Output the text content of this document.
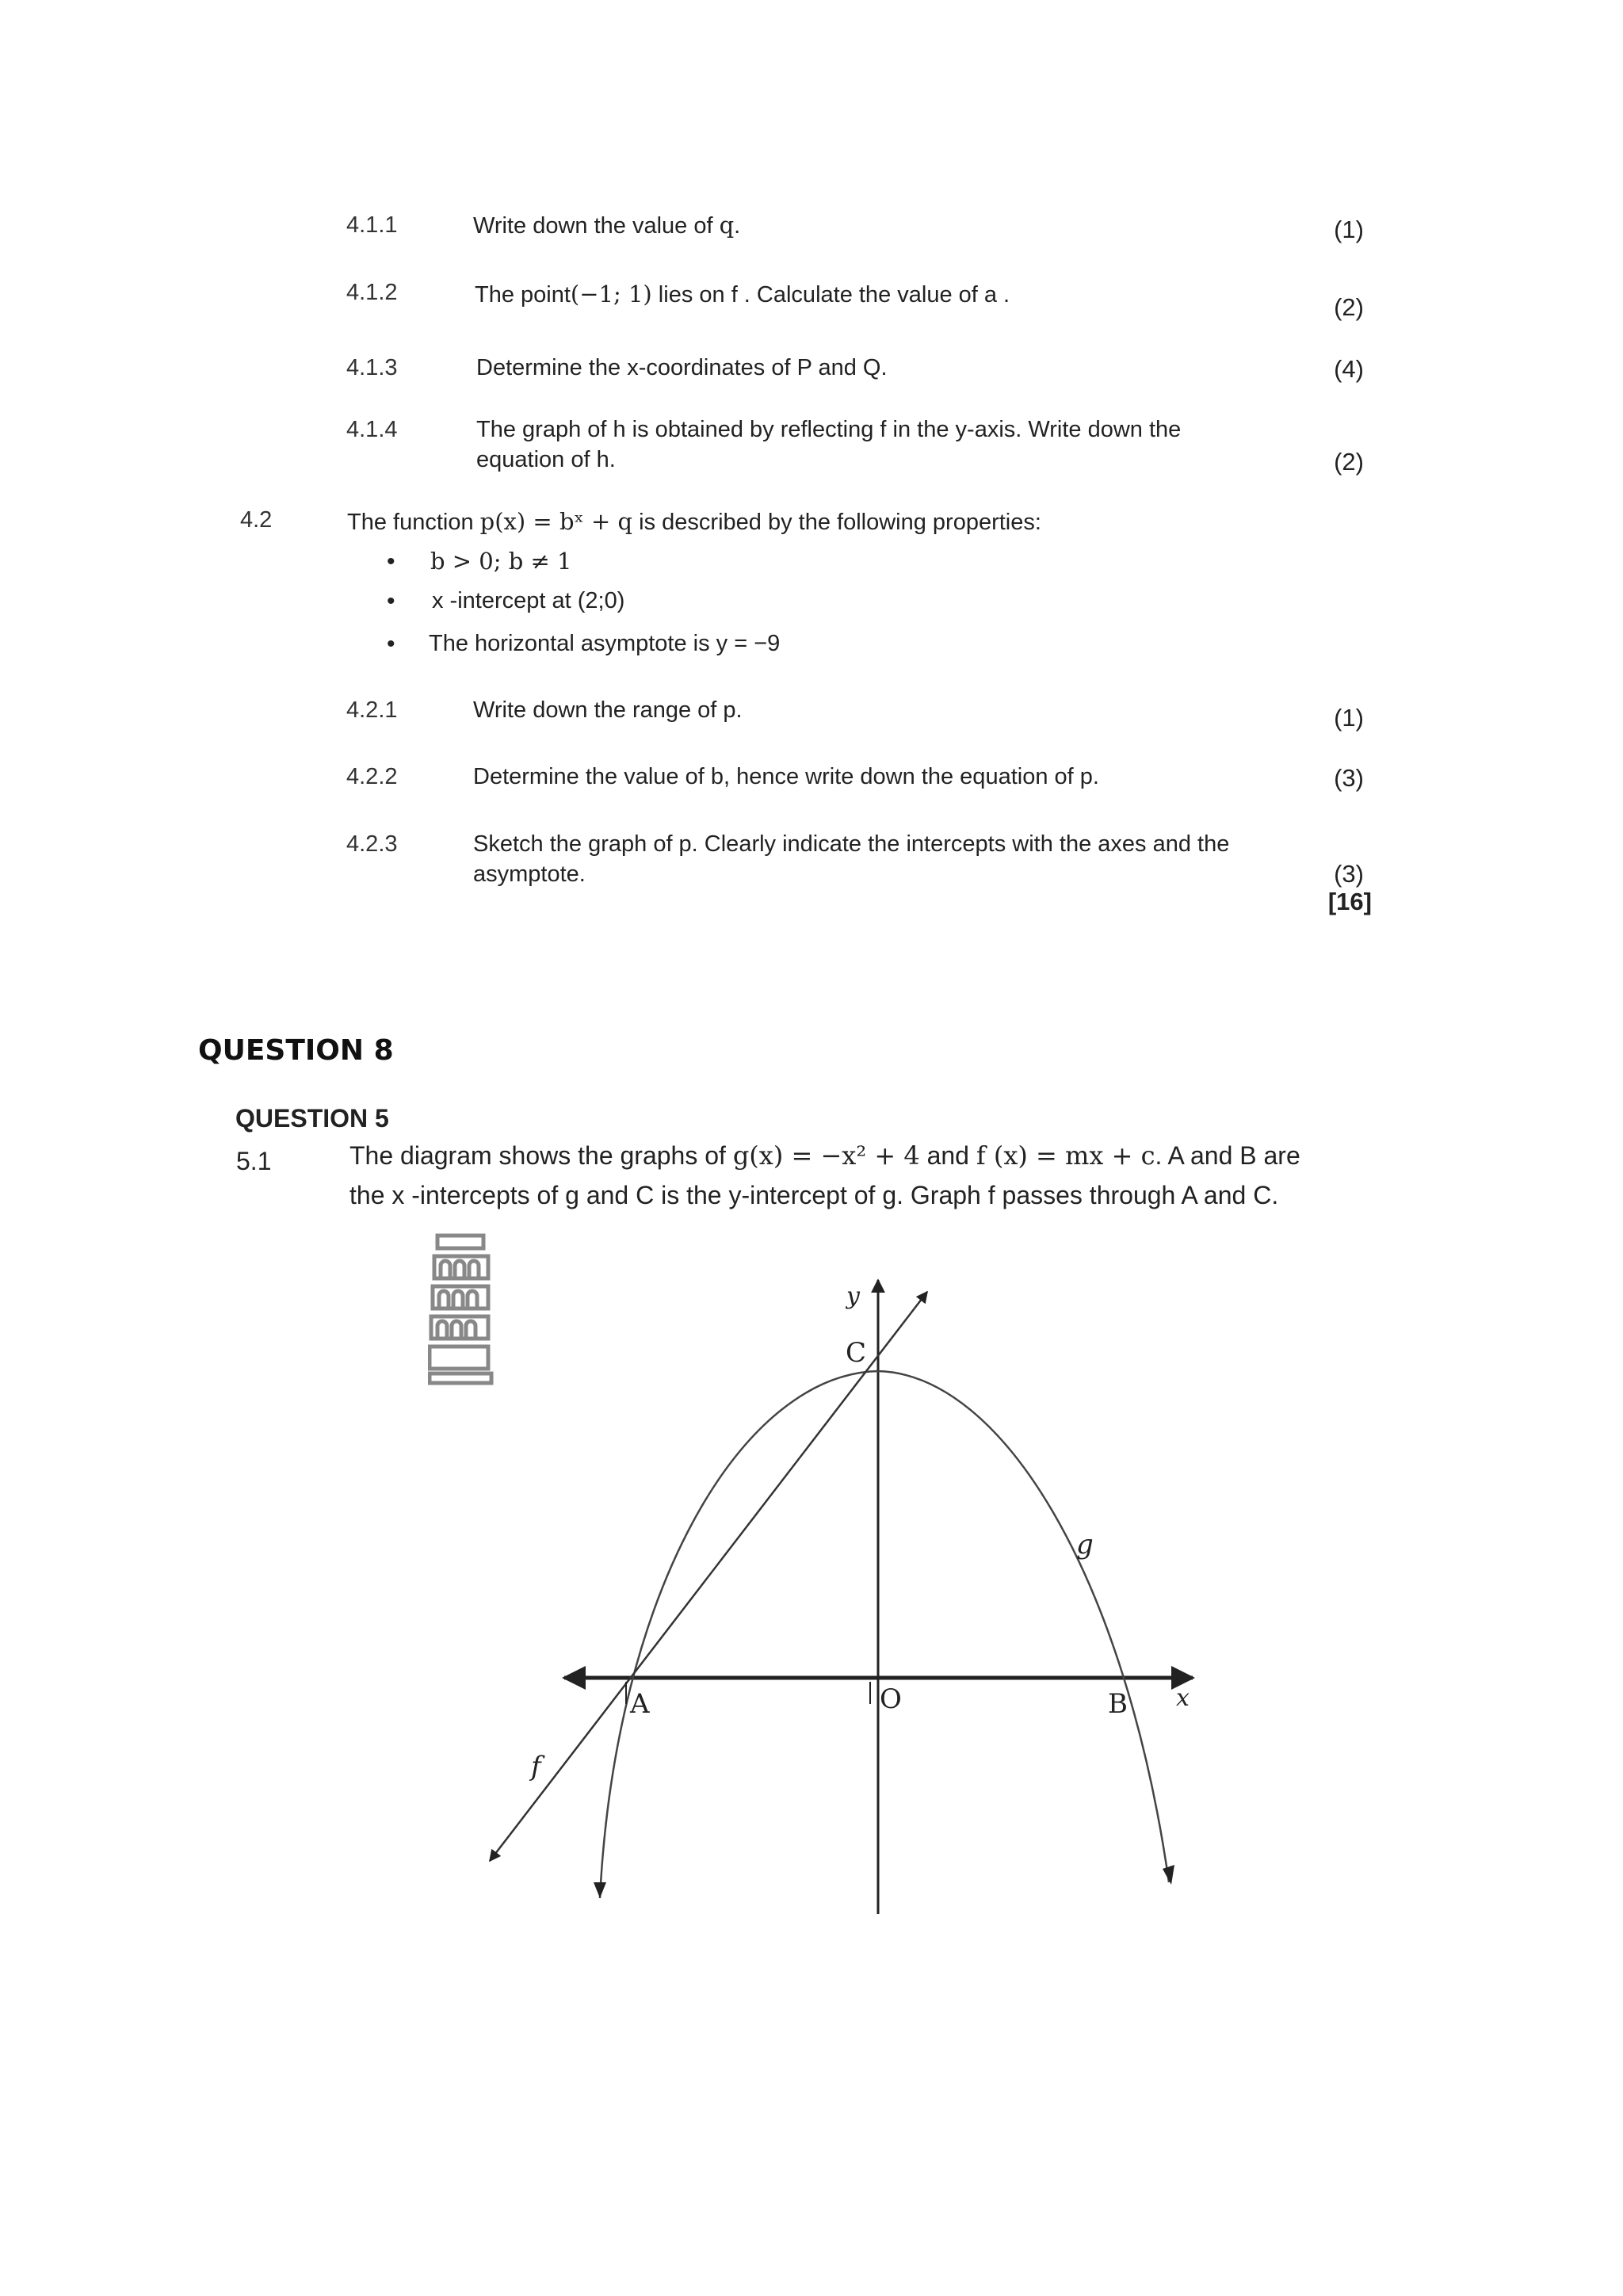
4.1.1	Write down the value of q.	(1)
4.1.2	The point(−1; 1) lies on f . Calculate the value of a .	(2)
4.1.3	Determine the x-coordinates of P and Q.	(4)
4.1.4	The graph of h is obtained by reflecting f in the y-axis. Write down the
equation of h.	(2)
4.2	The function p(x) = bˣ + q is described by the following properties:
• b > 0; b ≠ 1
• x -intercept at (2;0)
• The horizontal asymptote is y = −9
4.2.1	Write down the range of p.	(1)
4.2.2	Determine the value of b, hence write down the equation of p.	(3)
4.2.3	Sketch the graph of p. Clearly indicate the intercepts with the axes and the
asymptote.	(3)
[16]
QUESTION 8
QUESTION 5
5.1	The diagram shows the graphs of g(x) = −x² + 4 and f (x) = mx + c. A and B are
the x -intercepts of g and C is the y-intercept of g. Graph f passes through A and C.
y
x
C
A	O	B
g
f
